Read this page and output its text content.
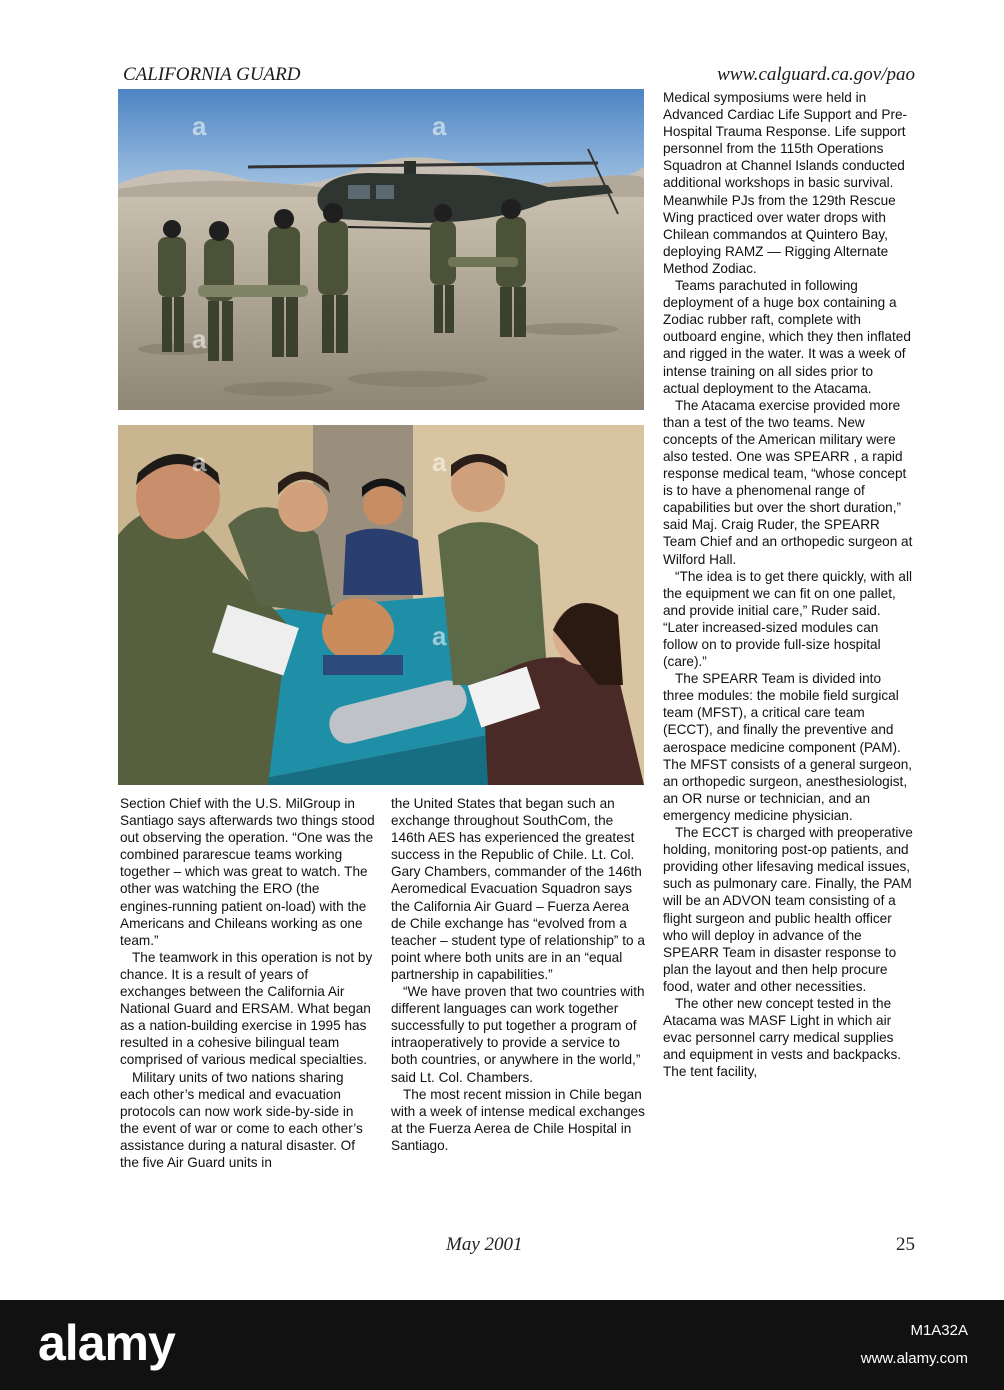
CALIFORNIA GUARD	www.calguard.ca.gov/pao
a	a
a
a	a
a

Section Chief with the U.S. MilGroup in Santiago says afterwards two things stood out observing the operation. “One was the combined pararescue teams working together – which was great to watch. The other was watching the ERO (the engines-running patient on-load) with the Americans and Chileans working as one team.”

The teamwork in this operation is not by chance. It is a result of years of exchanges between the California Air National Guard and ERSAM. What began as a nation-building exercise in 1995 has resulted in a cohesive bilingual team comprised of various medical specialties.

Military units of two nations sharing each other’s medical and evacuation protocols can now work side-by-side in the event of war or come to each other’s assistance during a natural disaster. Of the five Air Guard units in

the United States that began such an exchange throughout SouthCom, the 146th AES has experienced the greatest success in the Republic of Chile. Lt. Col. Gary Chambers, commander of the 146th Aeromedical Evacuation Squadron says the California Air Guard – Fuerza Aerea de Chile exchange has “evolved from a teacher – student type of relationship” to a point where both units are in an “equal partnership in capabilities.”

“We have proven that two countries with different languages can work together successfully to put together a program of intraoperatively to provide a service to both countries, or anywhere in the world,” said Lt. Col. Chambers.

The most recent mission in Chile began with a week of intense medical exchanges at the Fuerza Aerea de Chile Hospital in Santiago.

Medical symposiums were held in Advanced Cardiac Life Support and Pre-Hospital Trauma Response. Life support personnel from the 115th Operations Squadron at Channel Islands conducted additional workshops in basic survival. Meanwhile PJs from the 129th Rescue Wing practiced over water drops with Chilean commandos at Quintero Bay, deploying RAMZ — Rigging Alternate Method Zodiac.

Teams parachuted in following deployment of a huge box containing a Zodiac rubber raft, complete with outboard engine, which they then inflated and rigged in the water. It was a week of intense training on all sides prior to actual deployment to the Atacama.

The Atacama exercise provided more than a test of the two teams. New concepts of the American military were also tested. One was SPEARR , a rapid response medical team, “whose concept is to have a phenomenal range of capabilities but over the short duration,” said Maj. Craig Ruder, the SPEARR Team Chief and an orthopedic surgeon at Wilford Hall.

“The idea is to get there quickly, with all the equipment we can fit on one pallet, and provide initial care,” Ruder said. “Later increased-sized modules can follow on to provide full-size hospital (care).”

The SPEARR Team is divided into three modules: the mobile field surgical team (MFST), a critical care team (ECCT), and finally the preventive and aerospace medicine component (PAM). The MFST consists of a general surgeon, an orthopedic surgeon, anesthesiologist, an OR nurse or technician, and an emergency medicine physician.

The ECCT is charged with preoperative holding, monitoring post-op patients, and providing other lifesaving medical issues, such as pulmonary care. Finally, the PAM will be an ADVON team consisting of a flight surgeon and public health officer who will deploy in advance of the SPEARR Team in disaster response to plan the layout and then help procure food, water and other necessities.

The other new concept tested in the Atacama was MASF Light in which air evac personnel carry medical supplies and equipment in vests and backpacks. The tent facility,

May 2001	25
alamy	M1A32A
www.alamy.com
